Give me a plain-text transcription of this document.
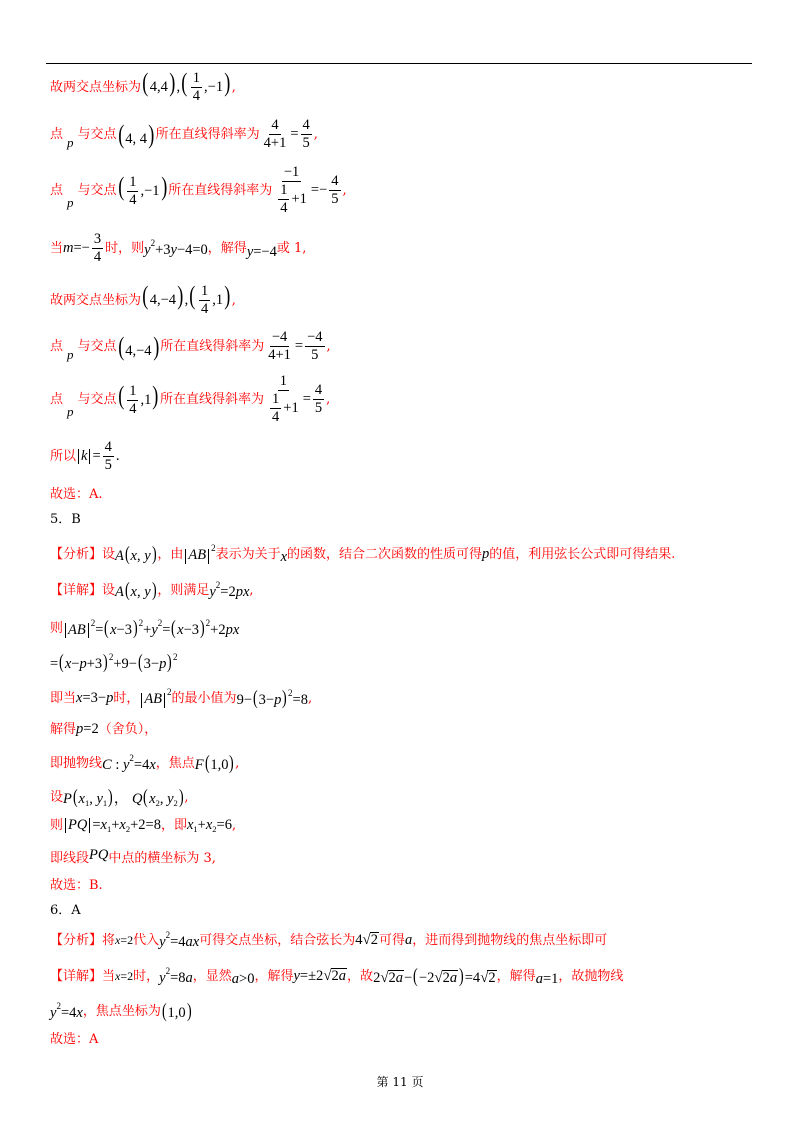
故两交点坐标为 $(4,4),( \frac{1}{4} ,-1)$ ,
点
p
与交点 (4, 4) 所在直线得斜率为 $\frac{4}{4+1} = \frac{4}{5}$ ,
点
p
与交点 ( $\frac{1}{4} ,-1$) 所在直线得斜率为 $\frac{-1}{\frac{1}{4} +1} =- \frac{4}{5}$ ,
当 $m=- \frac{3}{4}$ 时，则 $y^2+3y-4=0$ ，解得 y=−4 或 1,
故两交点坐标为 $(4,-4),( \frac{1}{4} ,1)$ ,
点
p
与交点 (4,−4) 所在直线得斜率为 $\frac{-4}{4+1} = \frac{-4}{5}$ ,
点
p
与交点 ( $\frac{1}{4} ,1$) 所在直线得斜率为 $\frac{1}{\frac{1}{4} +1} = \frac{4}{5}$ ,
所以 $k = \frac{4}{5}$ .
故选：A.
5．B
【分析】设 A(x, y) ，由 AB $^2$ 表示为关于 x 的函数，结合二次函数的性质可得 p 的值，利用弦长公式即可得结果.
【详解】设 A(x, y) ，则满足 $y^2=2px$ ,
则 AB $^2=(x-3)^2+y^2=(x-3)^2+2px$
$=(x-p+3)^2+9-(3-p)^2$
即当 x=3−p 时， AB $^2$ 的最小值为 $9-(3-p)^2=8$ ,
解得 p=2 （舍负），
即抛物线 C : $y^2=4x$ ，焦点 F(1,0) ,
设 $P(x_1$, $y_1$)， $Q(x_2$, $y_2$) ,
则 PQ $=x_1+x_2+2=8$ ，即 $x_1+x_2=6$ ,
即线段 PQ 中点的横坐标为 3,
故选：B.
6．A
【分析】将 x=2 代入 $y^2=4ax$ 可得交点坐标，结合弦长为 4√2 可得 a ，进而得到抛物线的焦点坐标即可
【详解】当 x=2 时， $y^2=8a$ ，显然 a>0 ，解得 y=±2√2a ，故 2√2a−(−2√2a )=4√2 ，解得 a=1 ，故抛物线
$y^2=4x$ ，焦点坐标为 (1,0)
故选：A
第 11 页
